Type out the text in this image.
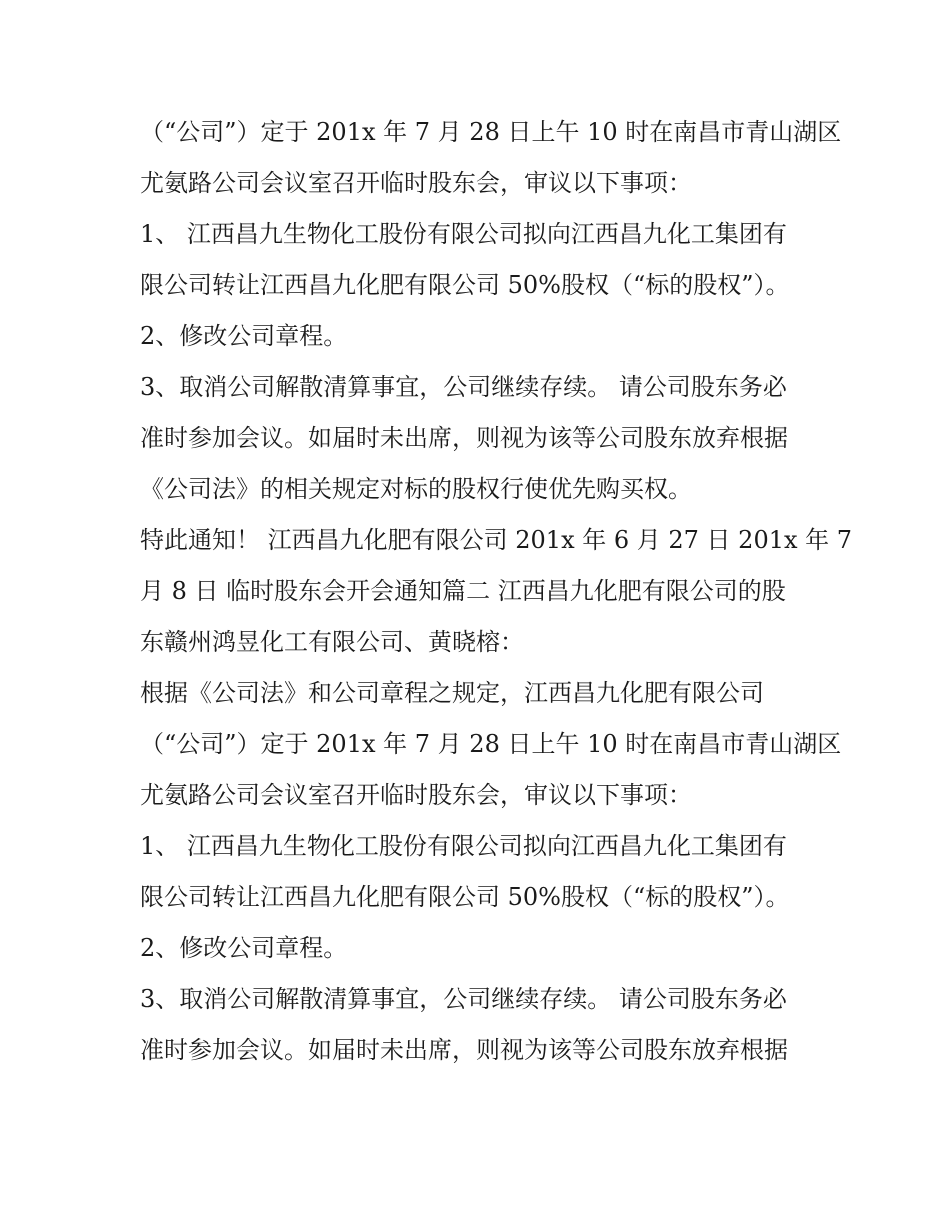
（“公司”）定于 201x 年 7 月 28 日上午 10 时在南昌市青山湖区
尤氨路公司会议室召开临时股东会，审议以下事项：
1、 江西昌九生物化工股份有限公司拟向江西昌九化工集团有
限公司转让江西昌九化肥有限公司 50%股权（“标的股权”）。
2、修改公司章程。
3、取消公司解散清算事宜，公司继续存续。 请公司股东务必
准时参加会议。如届时未出席，则视为该等公司股东放弃根据
《公司法》的相关规定对标的股权行使优先购买权。
特此通知！ 江西昌九化肥有限公司 201x 年 6 月 27 日 201x 年 7
月 8 日 临时股东会开会通知篇二 江西昌九化肥有限公司的股
东赣州鸿昱化工有限公司、黄晓榕：
根据《公司法》和公司章程之规定，江西昌九化肥有限公司
（“公司”）定于 201x 年 7 月 28 日上午 10 时在南昌市青山湖区
尤氨路公司会议室召开临时股东会，审议以下事项：
1、 江西昌九生物化工股份有限公司拟向江西昌九化工集团有
限公司转让江西昌九化肥有限公司 50%股权（“标的股权”）。
2、修改公司章程。
3、取消公司解散清算事宜，公司继续存续。 请公司股东务必
准时参加会议。如届时未出席，则视为该等公司股东放弃根据
